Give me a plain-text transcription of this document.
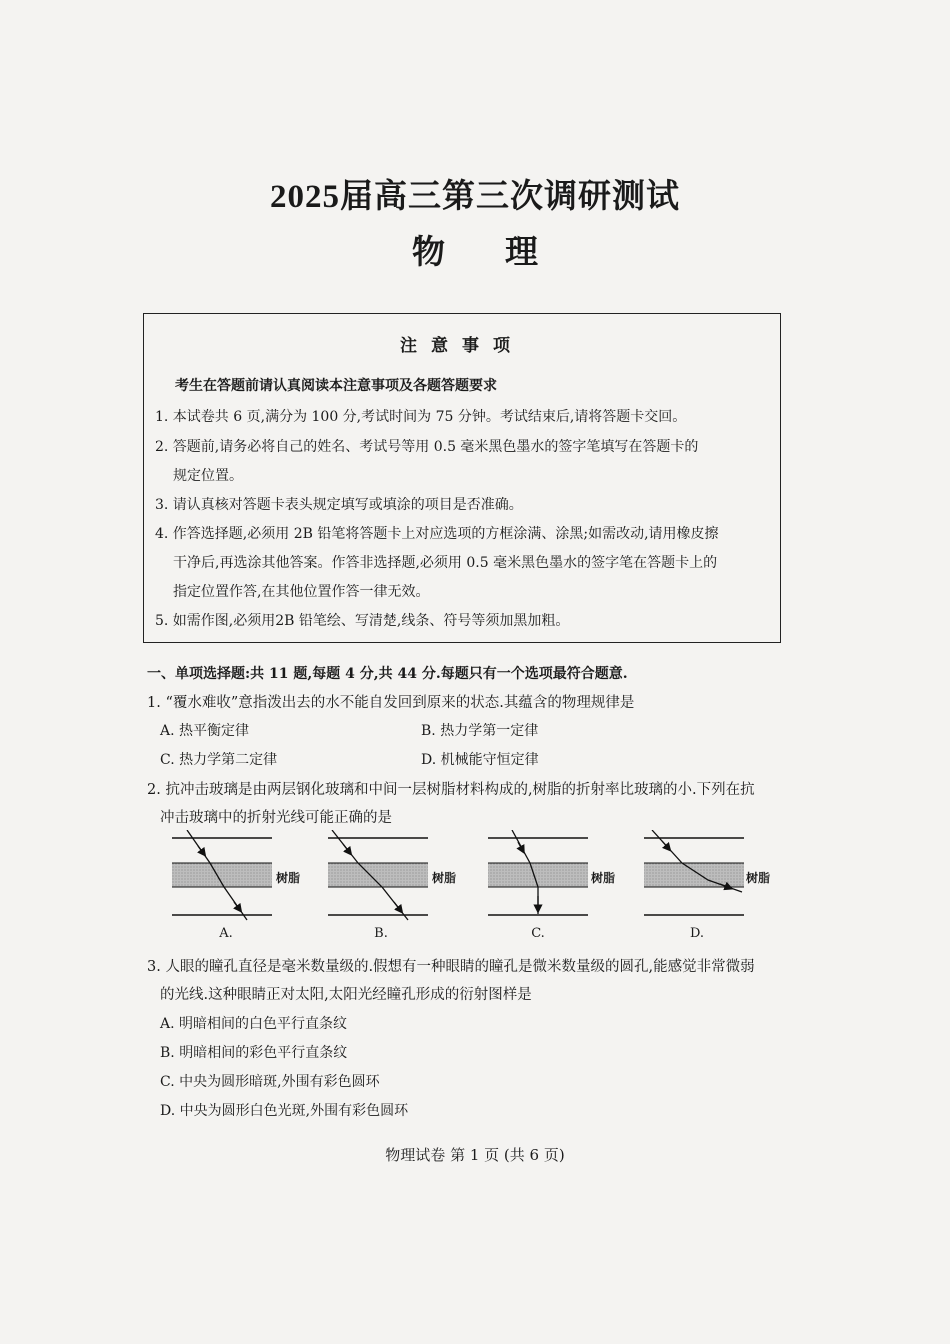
2025届高三第三次调研测试
物理
注意事项
考生在答题前请认真阅读本注意事项及各题答题要求
1. 本试卷共 6 页,满分为 100 分,考试时间为 75 分钟。考试结束后,请将答题卡交回。
2. 答题前,请务必将自己的姓名、考试号等用 0.5 毫米黑色墨水的签字笔填写在答题卡的
规定位置。
3. 请认真核对答题卡表头规定填写或填涂的项目是否准确。
4. 作答选择题,必须用 2B 铅笔将答题卡上对应选项的方框涂满、涂黑;如需改动,请用橡皮擦
干净后,再选涂其他答案。作答非选择题,必须用 0.5 毫米黑色墨水的签字笔在答题卡上的
指定位置作答,在其他位置作答一律无效。
5. 如需作图,必须用2B 铅笔绘、写清楚,线条、符号等须加黑加粗。
一、单项选择题:共 11 题,每题 4 分,共 44 分.每题只有一个选项最符合题意.
1. “覆水难收”意指泼出去的水不能自发回到原来的状态.其蕴含的物理规律是
A. 热平衡定律	B. 热力学第一定律
C. 热力学第二定律	D. 机械能守恒定律
2. 抗冲击玻璃是由两层钢化玻璃和中间一层树脂材料构成的,树脂的折射率比玻璃的小.下列在抗
冲击玻璃中的折射光线可能正确的是
树脂	树脂	树脂	树脂
A.	B.	C.	D.
3. 人眼的瞳孔直径是毫米数量级的.假想有一种眼睛的瞳孔是微米数量级的圆孔,能感觉非常微弱
的光线.这种眼睛正对太阳,太阳光经瞳孔形成的衍射图样是
A. 明暗相间的白色平行直条纹
B. 明暗相间的彩色平行直条纹
C. 中央为圆形暗斑,外围有彩色圆环
D. 中央为圆形白色光斑,外围有彩色圆环
物理试卷 第 1 页 (共 6 页)
